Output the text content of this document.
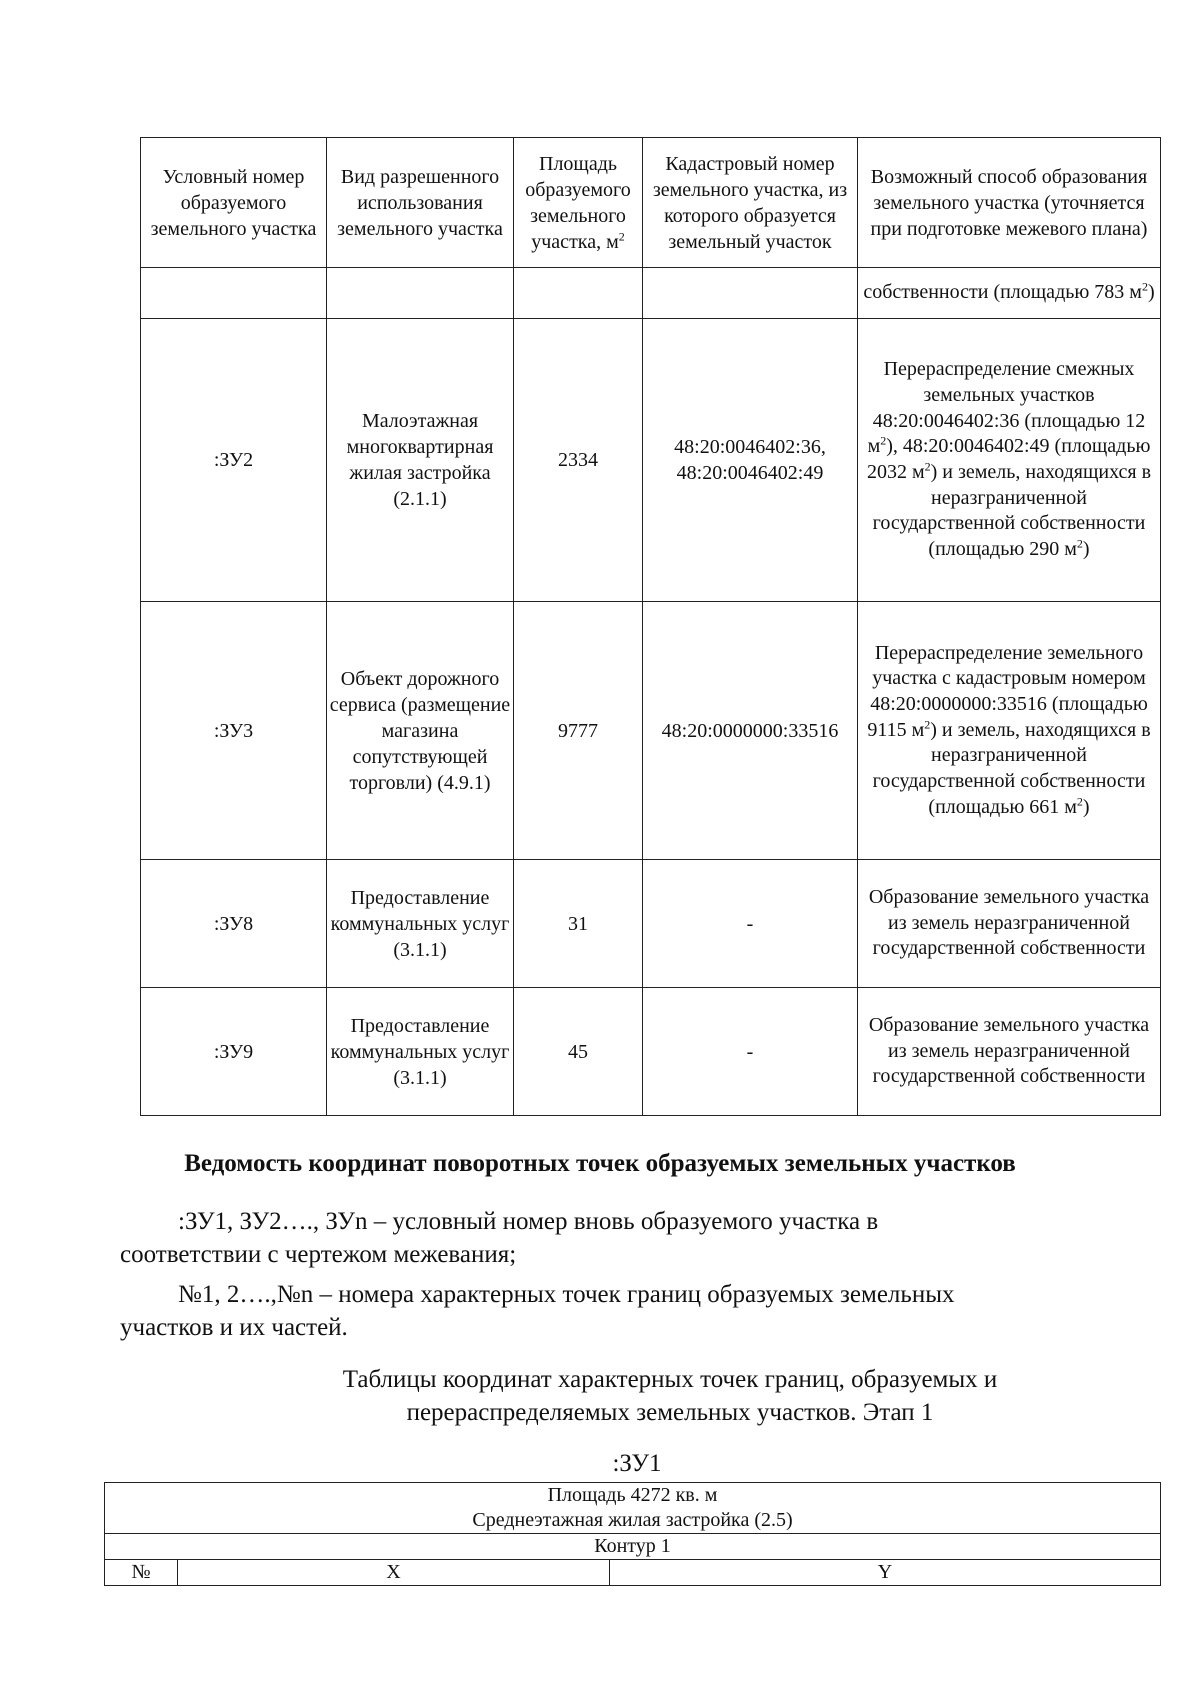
Условный номер образуемого земельного участка	Вид разрешенного использования земельного участка	Площадь образуемого земельного участка, $м^2$	Кадастровый номер земельного участка, из которого образуется земельный участок	Возможный способ образования земельного участка (уточняется при подготовке межевого плана)
				собственности (площадью 783 $м^2$)
:ЗУ2	Малоэтажная многоквартирная жилая застройка (2.1.1)	2334	48:20:0046402:36, 48:20:0046402:49	Перераспределение смежных земельных участков 48:20:0046402:36 (площадью 12 $м^2$), 48:20:0046402:49 (площадью 2032 $м^2$) и земель, находящихся в неразграниченной государственной собственности (площадью 290 $м^2$)
:ЗУ3	Объект дорожного сервиса (размещение магазина сопутствующей торговли) (4.9.1)	9777	48:20:0000000:33516	Перераспределение земельного участка с кадастровым номером 48:20:0000000:33516 (площадью 9115 $м^2$) и земель, находящихся в неразграниченной государственной собственности (площадью 661 $м^2$)
:ЗУ8	Предоставление коммунальных услуг (3.1.1)	31	-	Образование земельного участка из земель неразграниченной государственной собственности
:ЗУ9	Предоставление коммунальных услуг (3.1.1)	45	-	Образование земельного участка из земель неразграниченной государственной собственности
Ведомость координат поворотных точек образуемых земельных участков

:ЗУ1, ЗУ2…., ЗУn – условный номер вновь образуемого участка в

соответствии с чертежом межевания;

№1, 2….,№n – номера характерных точек границ образуемых земельных

участков и их частей.

Таблицы координат характерных точек границ, образуемых и
перераспределяемых земельных участков. Этап 1
:ЗУ1
Площадь 4272 кв. м
Среднеэтажная жилая застройка (2.5)

Контур 1
№	X	Y
